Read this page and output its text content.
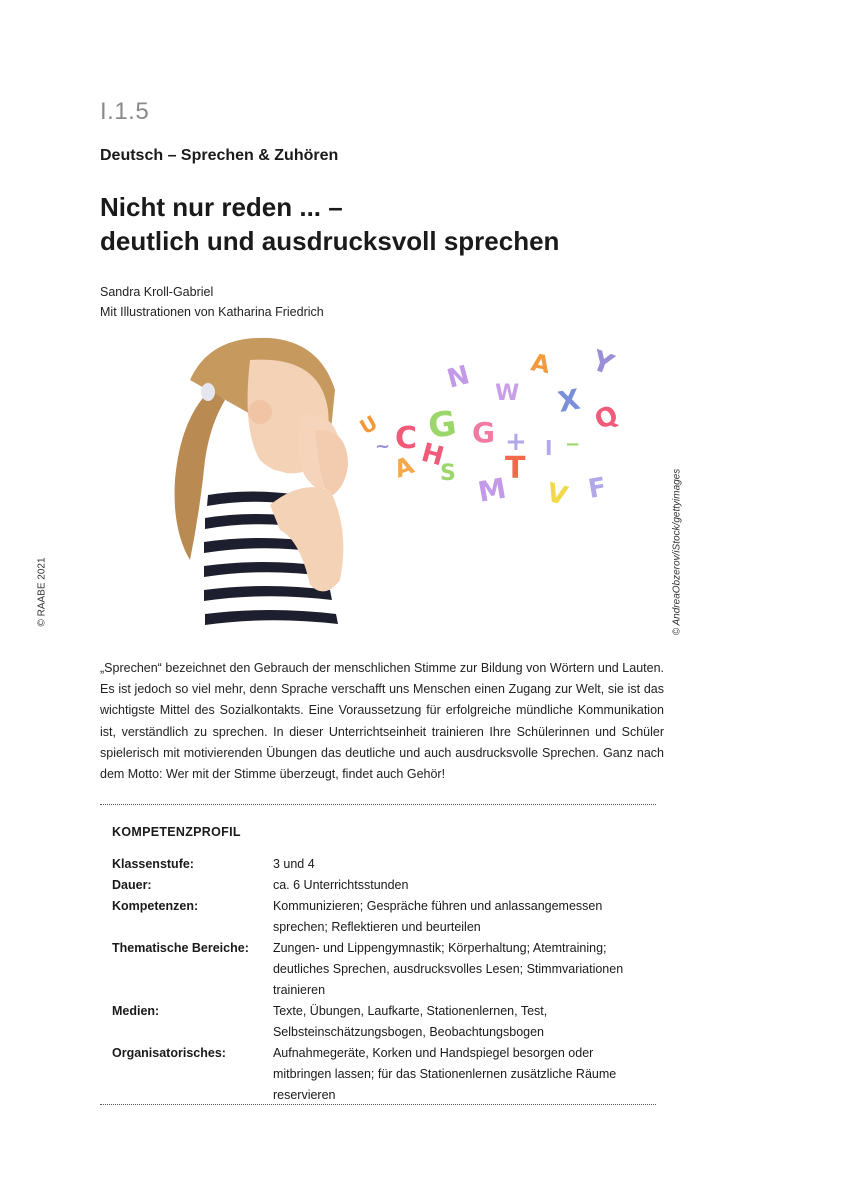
I.1.5
Deutsch – Sprechen & Zuhören
Nicht nur reden ... –
deutlich und ausdrucksvoll sprechen
Sandra Kroll-Gabriel
Mit Illustrationen von Katharina Friedrich
© RAABE 2021	© AndreaObzerov/iStock/gettyimages
N A Y
W X
C G G +
H
Q
T
M
A S
V F
U
−
I
~
„Sprechen“ bezeichnet den Gebrauch der menschlichen Stimme zur Bildung von Wörtern und Lauten. Es ist jedoch so viel mehr, denn Sprache verschafft uns Menschen einen Zugang zur Welt, sie ist das wichtigste Mittel des Sozialkontakts. Eine Voraussetzung für erfolgreiche mündliche Kommunikation ist, verständlich zu sprechen. In dieser Unterrichtseinheit trainieren Ihre Schülerinnen und Schüler spielerisch mit motivierenden Übungen das deutliche und auch ausdrucksvolle Sprechen. Ganz nach dem Motto: Wer mit der Stimme überzeugt, findet auch Gehör!
KOMPETENZPROFIL
Klassenstufe:	3 und 4
Dauer:	ca. 6 Unterrichtsstunden
Kompetenzen:	Kommunizieren; Gespräche führen und anlassangemessen sprechen; Reflektieren und beurteilen
Thematische Bereiche:	Zungen- und Lippengymnastik; Körperhaltung; Atemtraining; deutliches Sprechen, ausdrucksvolles Lesen; Stimmvariationen trainieren
Medien:	Texte, Übungen, Laufkarte, Stationenlernen, Test, Selbsteinschätzungsbogen, Beobachtungsbogen
Organisatorisches:	Aufnahmegeräte, Korken und Handspiegel besorgen oder mitbringen lassen; für das Stationenlernen zusätzliche Räume reservieren
